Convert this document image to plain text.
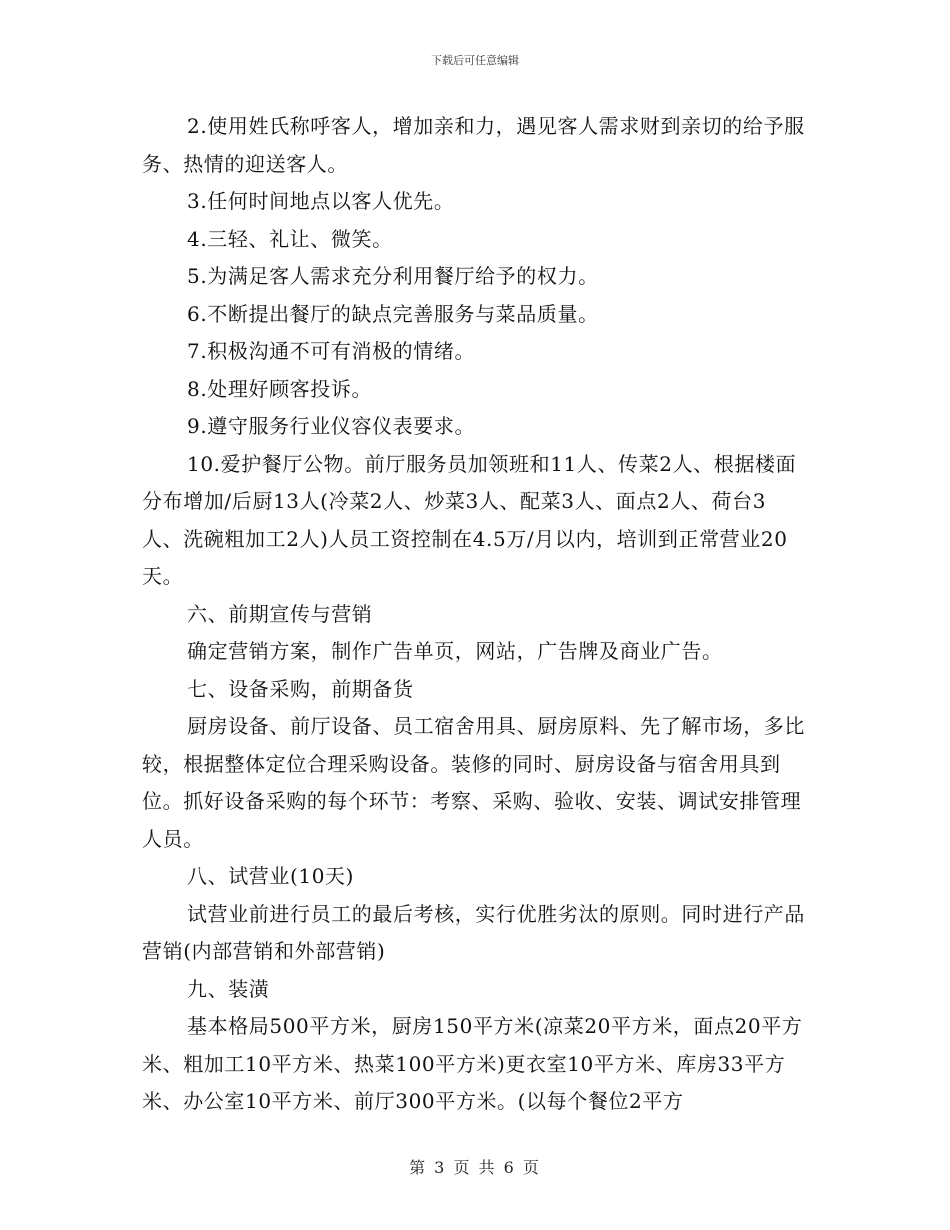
下载后可任意编辑

2.使用姓氏称呼客人，增加亲和力，遇见客人需求财到亲切的给予服务、热情的迎送客人。

3.任何时间地点以客人优先。

4.三轻、礼让、微笑。

5.为满足客人需求充分利用餐厅给予的权力。

6.不断提出餐厅的缺点完善服务与菜品质量。

7.积极沟通不可有消极的情绪。

8.处理好顾客投诉。

9.遵守服务行业仪容仪表要求。

10.爱护餐厅公物。前厅服务员加领班和11人、传菜2人、根据楼面分布增加/后厨13人(冷菜2人、炒菜3人、配菜3人、面点2人、荷台3人、洗碗粗加工2人)人员工资控制在4.5万/月以内，培训到正常营业20天。

六、前期宣传与营销

确定营销方案，制作广告单页，网站，广告牌及商业广告。

七、设备采购，前期备货

厨房设备、前厅设备、员工宿舍用具、厨房原料、先了解市场，多比较，根据整体定位合理采购设备。装修的同时、厨房设备与宿舍用具到位。抓好设备采购的每个环节：考察、采购、验收、安装、调试安排管理人员。

八、试营业(10天)

试营业前进行员工的最后考核，实行优胜劣汰的原则。同时进行产品营销(内部营销和外部营销)

九、装潢

基本格局500平方米，厨房150平方米(凉菜20平方米，面点20平方米、粗加工10平方米、热菜100平方米)更衣室10平方米、库房33平方米、办公室10平方米、前厅300平方米。(以每个餐位2平方

第 3 页 共 6 页
